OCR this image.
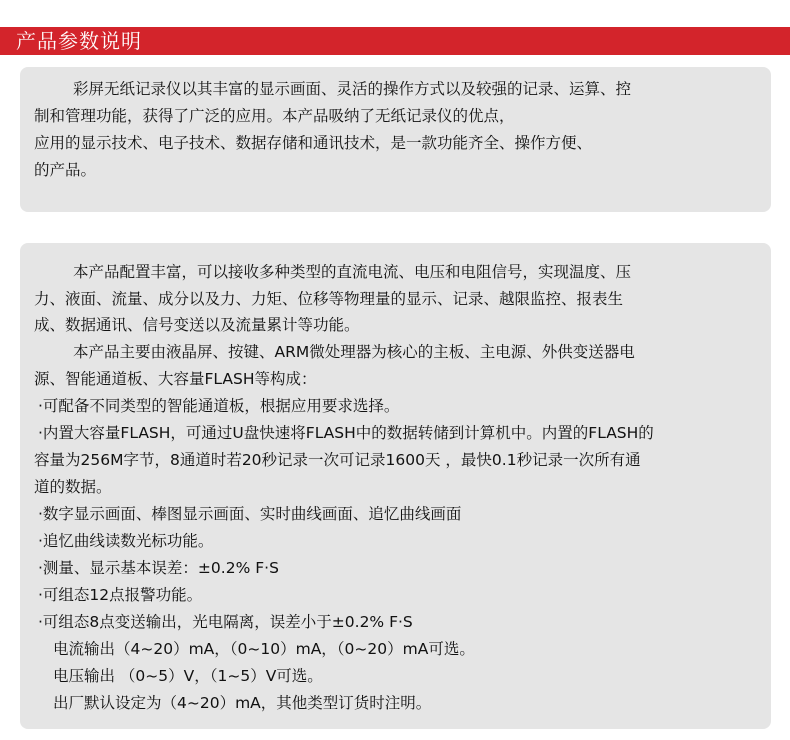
产品参数说明
彩屏无纸记录仪以其丰富的显示画面、灵活的操作方式以及较强的记录、运算、控
制和管理功能，获得了广泛的应用。本产品吸纳了无纸记录仪的优点，
应用的显示技术、电子技术、数据存储和通讯技术，是一款功能齐全、操作方便、
的产品。
本产品配置丰富，可以接收多种类型的直流电流、电压和电阻信号，实现温度、压
力、液面、流量、成分以及力、力矩、位移等物理量的显示、记录、越限监控、报表生
成、数据通讯、信号变送以及流量累计等功能。
本产品主要由液晶屏、按键、ARM微处理器为核心的主板、主电源、外供变送器电
源、智能通道板、大容量FLASH等构成：
·可配备不同类型的智能通道板，根据应用要求选择。
·内置大容量FLASH，可通过U盘快速将FLASH中的数据转储到计算机中。内置的FLASH的
容量为256M字节，8通道时若20秒记录一次可记录1600天 ，最快0.1秒记录一次所有通
道的数据。
·数字显示画面、棒图显示画面、实时曲线画面、追忆曲线画面
·追忆曲线读数光标功能。
·测量、显示基本误差：±0.2% F·S
·可组态12点报警功能。
·可组态8点变送输出，光电隔离，误差小于±0.2% F·S
电流输出（4~20）mA，（0~10）mA，（0~20）mA可选。
电压输出 （0~5）V，（1~5）V可选。
出厂默认设定为（4~20）mA，其他类型订货时注明。
